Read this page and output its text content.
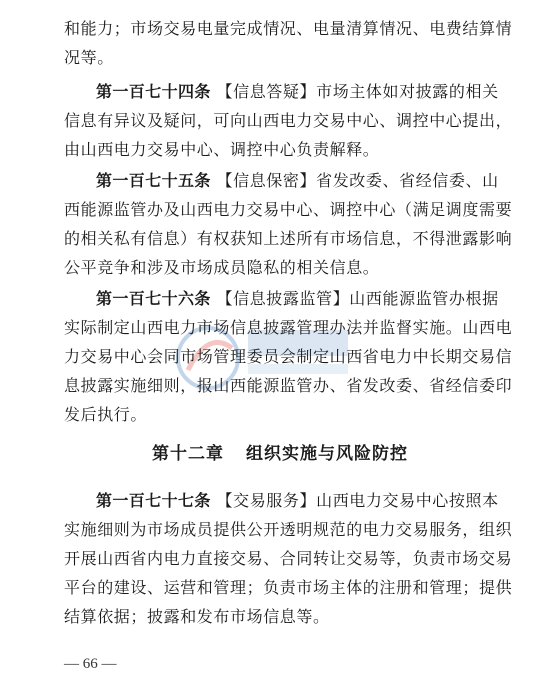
和能力；市场交易电量完成情况、电量清算情况、电费结算情况等。

第一百七十四条 【信息答疑】市场主体如对披露的相关信息有异议及疑问，可向山西电力交易中心、调控中心提出，由山西电力交易中心、调控中心负责解释。

第一百七十五条 【信息保密】省发改委、省经信委、山西能源监管办及山西电力交易中心、调控中心（满足调度需要的相关私有信息）有权获知上述所有市场信息，不得泄露影响公平竞争和涉及市场成员隐私的相关信息。

第一百七十六条 【信息披露监管】山西能源监管办根据实际制定山西电力市场信息披露管理办法并监督实施。山西电力交易中心会同市场管理委员会制定山西省电力中长期交易信息披露实施细则，报山西能源监管办、省发改委、省经信委印发后执行。

第十二章 组织实施与风险防控

第一百七十七条 【交易服务】山西电力交易中心按照本实施细则为市场成员提供公开透明规范的电力交易服务，组织开展山西省内电力直接交易、合同转让交易等，负责市场交易平台的建设、运营和管理；负责市场主体的注册和管理；提供结算依据；披露和发布市场信息等。

— 66 —
